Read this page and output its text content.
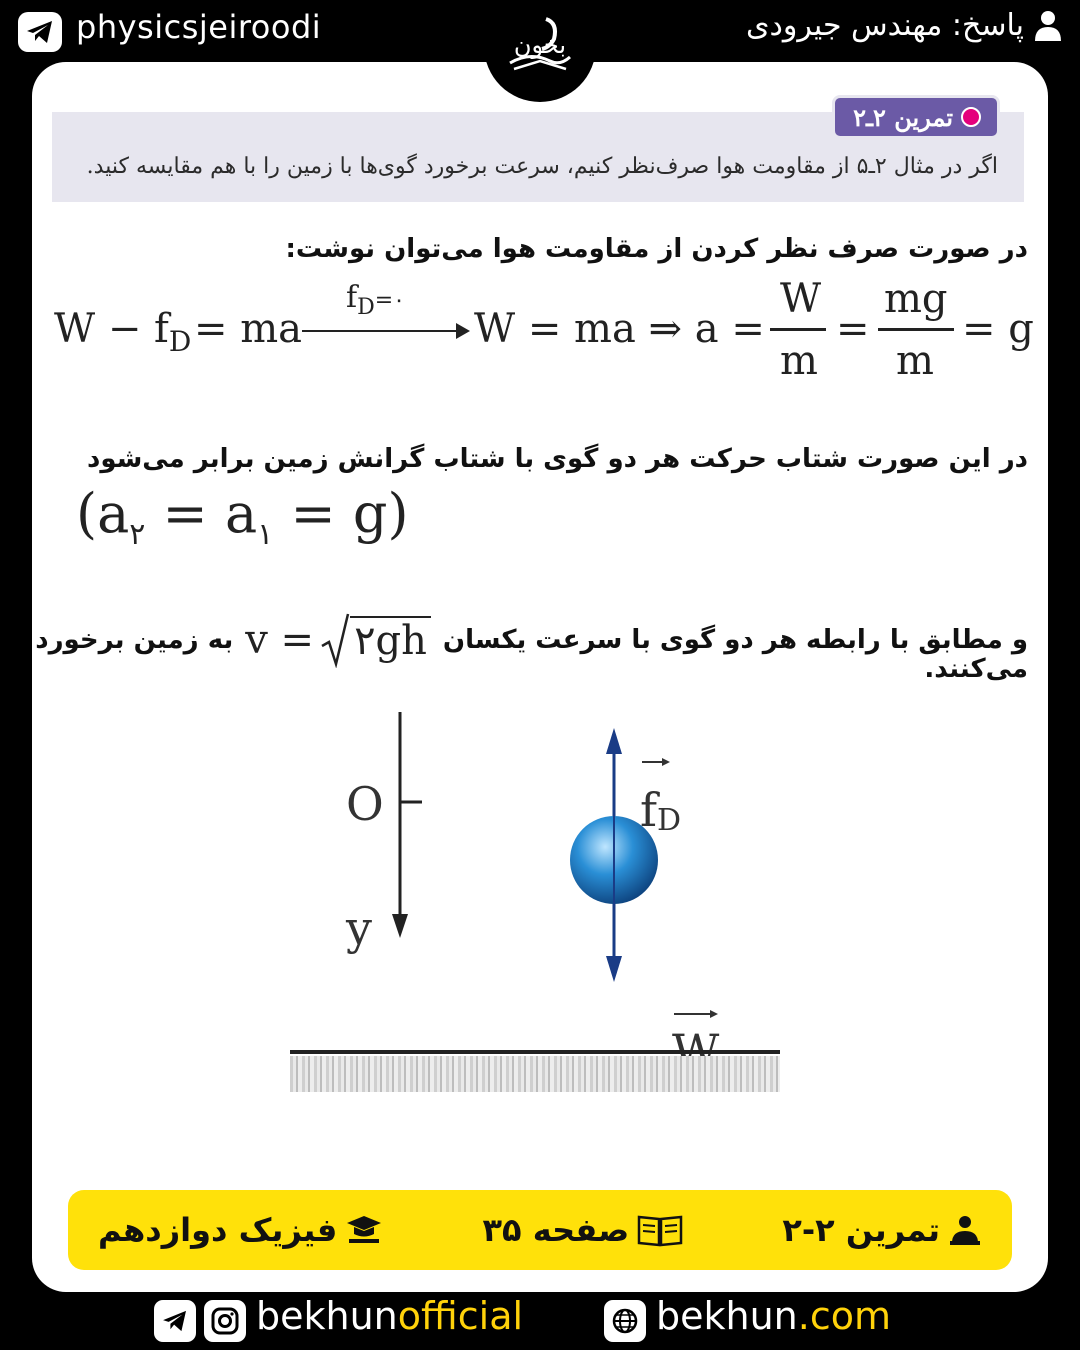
physicsjeiroodi	بخون
پاسخ: مهندس جیرودی
تمرین ۲ـ۲
اگر در مثال ۲ـ۵ از مقاومت هوا صرف‌نظر کنیم، سرعت برخورد گوی‌ها با زمین را با هم مقایسه کنید.
در صورت صرف نظر کردن از مقاومت هوا می‌توان نوشت:
$W - f_D$ = ma
$f_D=۰$
W = ma ⇒ a =
W
m
=
mg
m
= g
در این صورت شتاب حرکت هر دو گوی با شتاب گرانش زمین برابر می‌شود
$(a_۲ = a_۱ = g)$
و مطابق با رابطه هر دو گوی با سرعت یکسان
v = ۲gh
به زمین برخورد
می‌کنند.
O
y
fD
تمرین ۲-۲
صفحه ۳۵
فیزیک دوازدهم
bekhunofficial	bekhun.com
